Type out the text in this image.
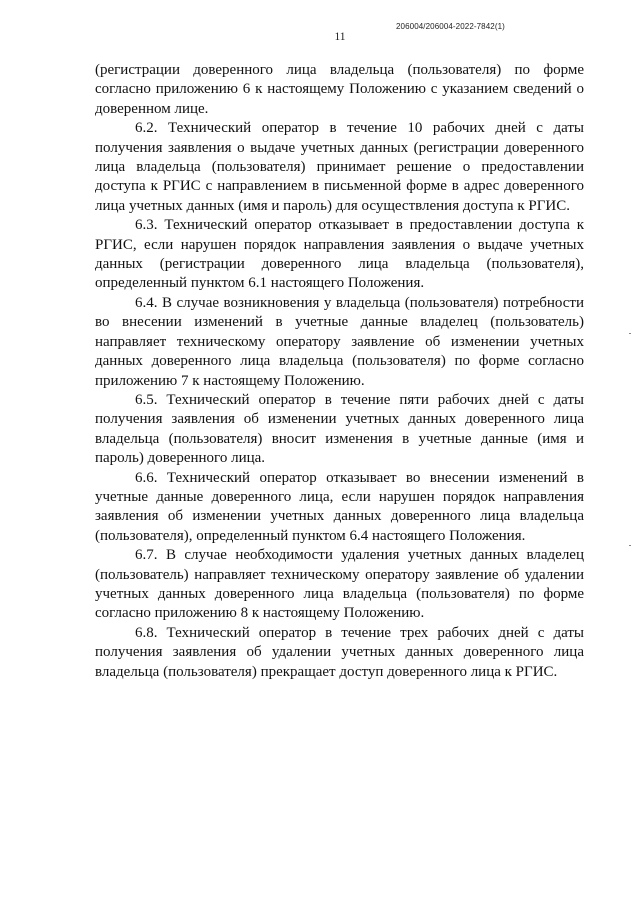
206004/206004-2022-7842(1)
11

(регистрации доверенного лица владельца (пользователя) по форме согласно приложению 6 к настоящему Положению с указанием сведений о доверенном лице.

6.2. Технический оператор в течение 10 рабочих дней с даты получения заявления о выдаче учетных данных (регистрации доверенного лица владельца (пользователя) принимает решение о предоставлении доступа к РГИС с направлением в письменной форме в адрес доверенного лица учетных данных (имя и пароль) для осуществления доступа к РГИС.

6.3. Технический оператор отказывает в предоставлении доступа к РГИС, если нарушен порядок направления заявления о выдаче учетных данных (регистрации доверенного лица владельца (пользователя), определенный пунктом 6.1 настоящего Положения.

6.4. В случае возникновения у владельца (пользователя) потребности во внесении изменений в учетные данные владелец (пользователь) направляет техническому оператору заявление об изменении учетных данных доверенного лица владельца (пользователя) по форме согласно приложению 7 к настоящему Положению.

6.5. Технический оператор в течение пяти рабочих дней с даты получения заявления об изменении учетных данных доверенного лица владельца (пользователя) вносит изменения в учетные данные (имя и пароль) доверенного лица.

6.6. Технический оператор отказывает во внесении изменений в учетные данные доверенного лица, если нарушен порядок направления заявления об изменении учетных данных доверенного лица владельца (пользователя), определенный пунктом 6.4 настоящего Положения.

6.7. В случае необходимости удаления учетных данных владелец (пользователь) направляет техническому оператору заявление об удалении учетных данных доверенного лица владельца (пользователя) по форме согласно приложению 8 к настоящему Положению.

6.8. Технический оператор в течение трех рабочих дней с даты получения заявления об удалении учетных данных доверенного лица владельца (пользователя) прекращает доступ доверенного лица к РГИС.
